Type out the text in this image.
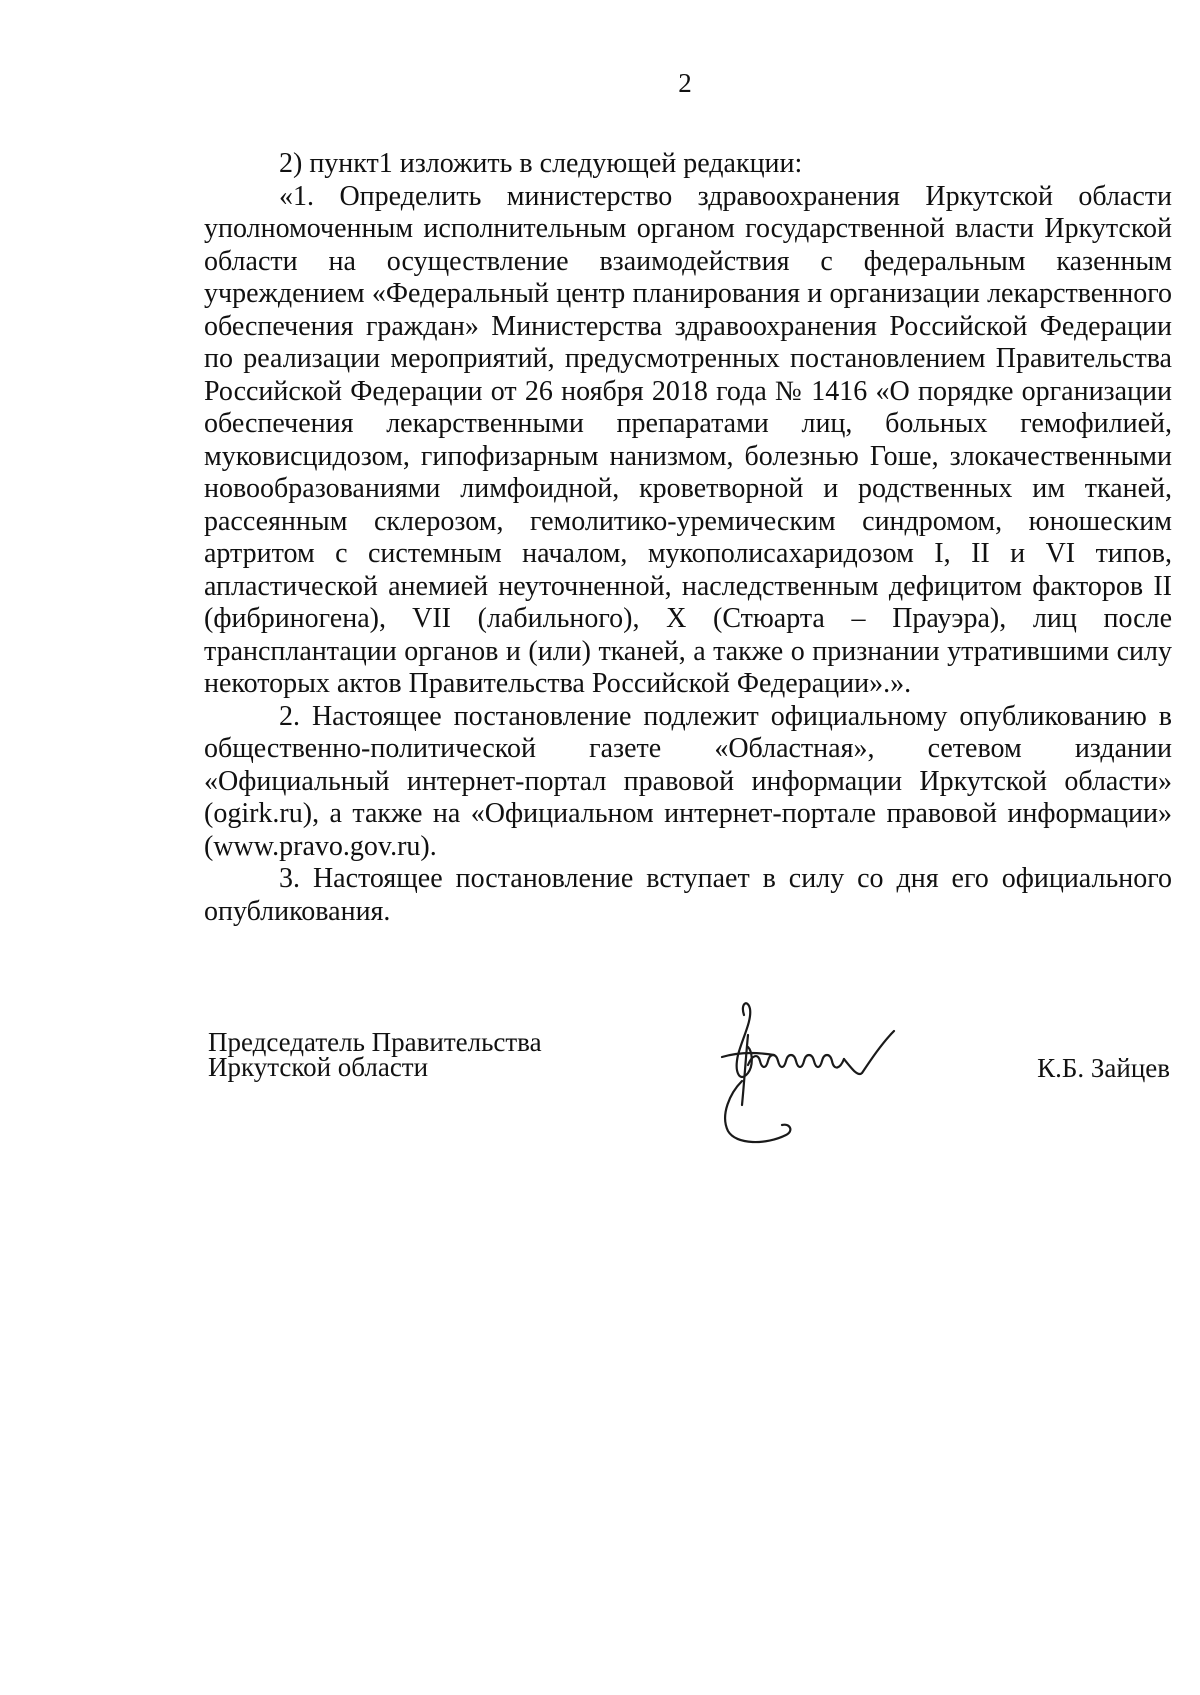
2

2) пункт1 изложить в следующей редакции:

«1. Определить министерство здравоохранения Иркутской области уполномоченным исполнительным органом государственной власти Иркутской области на осуществление взаимодействия с федеральным казенным учреждением «Федеральный центр планирования и организации лекарственного обеспечения граждан» Министерства здравоохранения Российской Федерации по реализации мероприятий, предусмотренных постановлением Правительства Российской Федерации от 26 ноября 2018 года № 1416 «О порядке организации обеспечения лекарственными препаратами лиц, больных гемофилией, муковисцидозом, гипофизарным нанизмом, болезнью Гоше, злокачественными новообразованиями лимфоидной, кроветворной и родственных им тканей, рассеянным склерозом, гемолитико-уремическим синдромом, юношеским артритом с системным началом, мукополисахаридозом I, II и VI типов, апластической анемией неуточненной, наследственным дефицитом факторов II (фибриногена), VII (лабильного), X (Стюарта – Прауэра), лиц после трансплантации органов и (или) тканей, а также о признании утратившими силу некоторых актов Правительства Российской Федерации».».

2. Настоящее постановление подлежит официальному опубликованию в общественно-политической газете «Областная», сетевом издании «Официальный интернет-портал правовой информации Иркутской области» (ogirk.ru), а также на «Официальном интернет-портале правовой информации» (www.pravo.gov.ru).

3. Настоящее постановление вступает в силу со дня его официального опубликования.

Председатель Правительства
Иркутской области	К.Б. Зайцев
